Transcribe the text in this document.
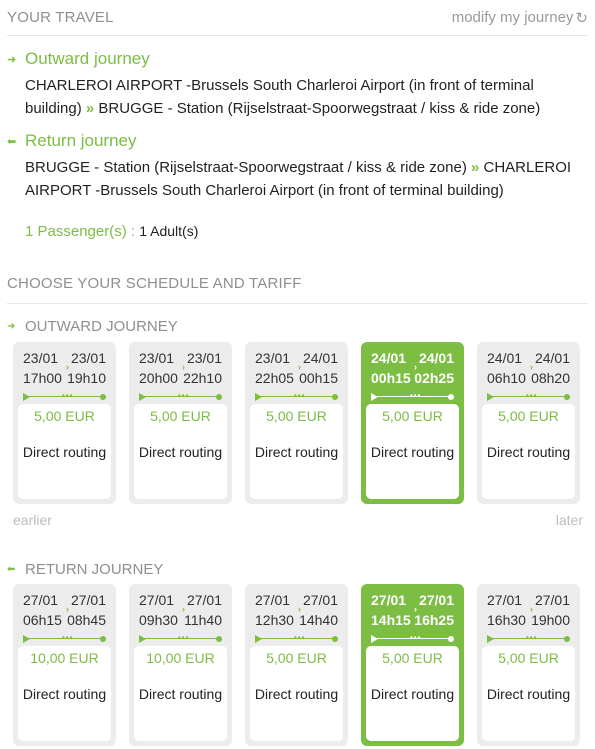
YOUR TRAVEL	modify my journey ↻
➜ Outward journey
CHARLEROI AIRPORT -Brussels South Charleroi Airport (in front of terminal building) » BRUGGE - Station (Rijselstraat-Spoorwegstraat / kiss & ride zone)
⬅ Return journey
BRUGGE - Station (Rijselstraat-Spoorwegstraat / kiss & ride zone) » CHARLEROI AIRPORT -Brussels South Charleroi Airport (in front of terminal building)
1 Passenger(s) : 1 Adult(s)
CHOOSE YOUR SCHEDULE AND TARIFF
➜ OUTWARD JOURNEY
23/01
17h00
›
23/01
19h10
•••
5,00 EUR
Direct routing
23/01
20h00
›
23/01
22h10
•••
5,00 EUR
Direct routing
23/01
22h05
›
24/01
00h15
•••
5,00 EUR
Direct routing
24/01
00h15
›
24/01
02h25
•••
5,00 EUR
Direct routing
24/01
06h10
›
24/01
08h20
•••
5,00 EUR
Direct routing
earlier	later
⬅ RETURN JOURNEY
27/01
06h15
›
27/01
08h45
•••
10,00 EUR
Direct routing
27/01
09h30
›
27/01
11h40
•••
10,00 EUR
Direct routing
27/01
12h30
›
27/01
14h40
•••
5,00 EUR
Direct routing
27/01
14h15
›
27/01
16h25
•••
5,00 EUR
Direct routing
27/01
16h30
›
27/01
19h00
•••
5,00 EUR
Direct routing
